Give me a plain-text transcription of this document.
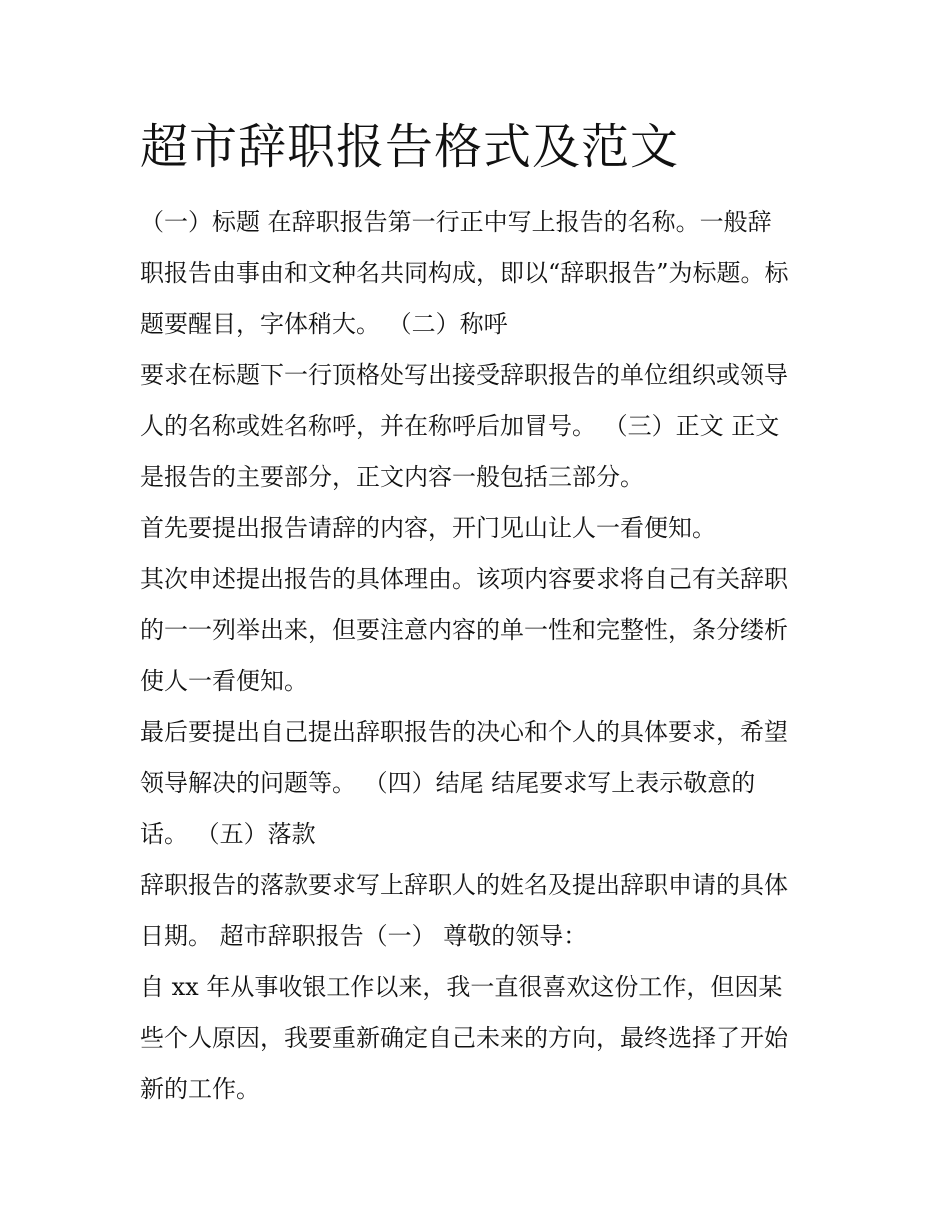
超市辞职报告格式及范文

（一）标题 在辞职报告第一行正中写上报告的名称。一般辞

职报告由事由和文种名共同构成，即以“辞职报告”为标题。标

题要醒目，字体稍大。 （二）称呼

要求在标题下一行顶格处写出接受辞职报告的单位组织或领导

人的名称或姓名称呼，并在称呼后加冒号。 （三）正文 正文

是报告的主要部分，正文内容一般包括三部分。

首先要提出报告请辞的内容，开门见山让人一看便知。

其次申述提出报告的具体理由。该项内容要求将自己有关辞职

的一一列举出来，但要注意内容的单一性和完整性，条分缕析

使人一看便知。

最后要提出自己提出辞职报告的决心和个人的具体要求，希望

领导解决的问题等。 （四）结尾 结尾要求写上表示敬意的

话。 （五）落款

辞职报告的落款要求写上辞职人的姓名及提出辞职申请的具体

日期。 超市辞职报告（一） 尊敬的领导：

自 xx 年从事收银工作以来，我一直很喜欢这份工作，但因某

些个人原因，我要重新确定自己未来的方向，最终选择了开始

新的工作。
